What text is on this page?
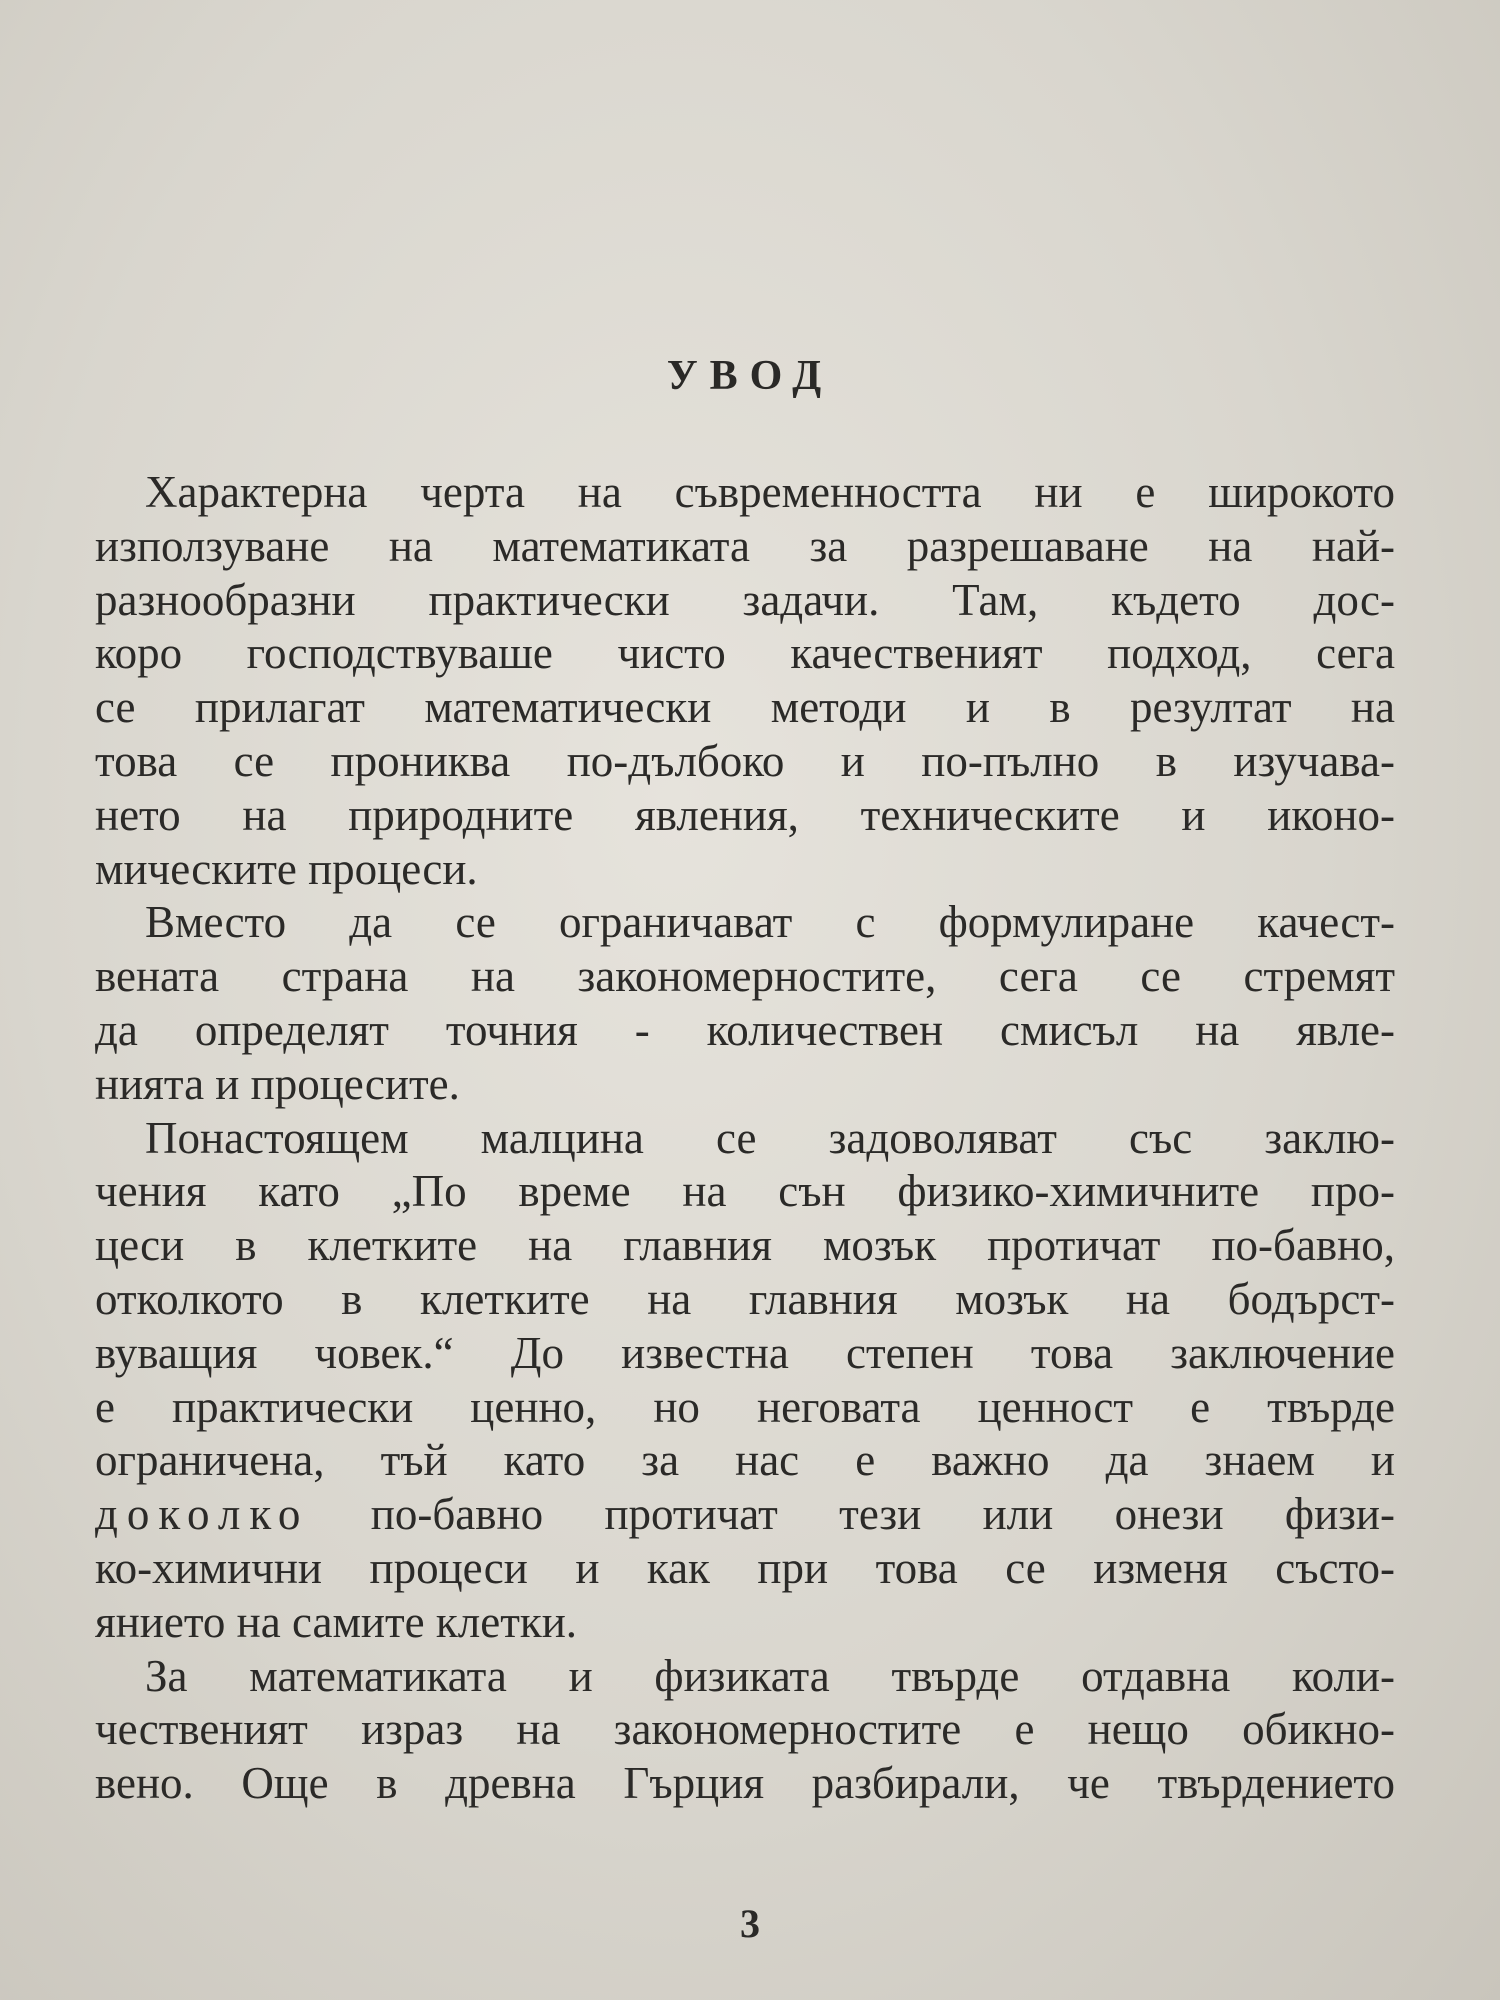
УВОД

Характерна черта на съвременността ни е широкото
използуване на математиката за разрешаване на най-
разнообразни практически задачи. Там, където дос-
коро господствуваше чисто качественият подход, сега
се прилагат математически методи и в резултат на
това се прониква по-дълбоко и по-пълно в изучава-
нето на природните явления, техническите и иконо-
мическите процеси.

Вместо да се ограничават с формулиране качест-
вената страна на закономерностите, сега се стремят
да определят точния - количествен смисъл на явле-
нията и процесите.

Понастоящем малцина се задоволяват със заклю-
чения като „По време на сън физико-химичните про-
цеси в клетките на главния мозък протичат по-бавно,
отколкото в клетките на главния мозък на бодърст-
вуващия човек.“ До известна степен това заключение
е практически ценно, но неговата ценност е твърде
ограничена, тъй като за нас е важно да знаем и
доколко по-бавно протичат тези или онези физи-
ко-химични процеси и как при това се изменя състо-
янието на самите клетки.

За математиката и физиката твърде отдавна коли-
чественият израз на закономерностите е нещо обикно-
вено. Още в древна Гърция разбирали, че твърдението

3
